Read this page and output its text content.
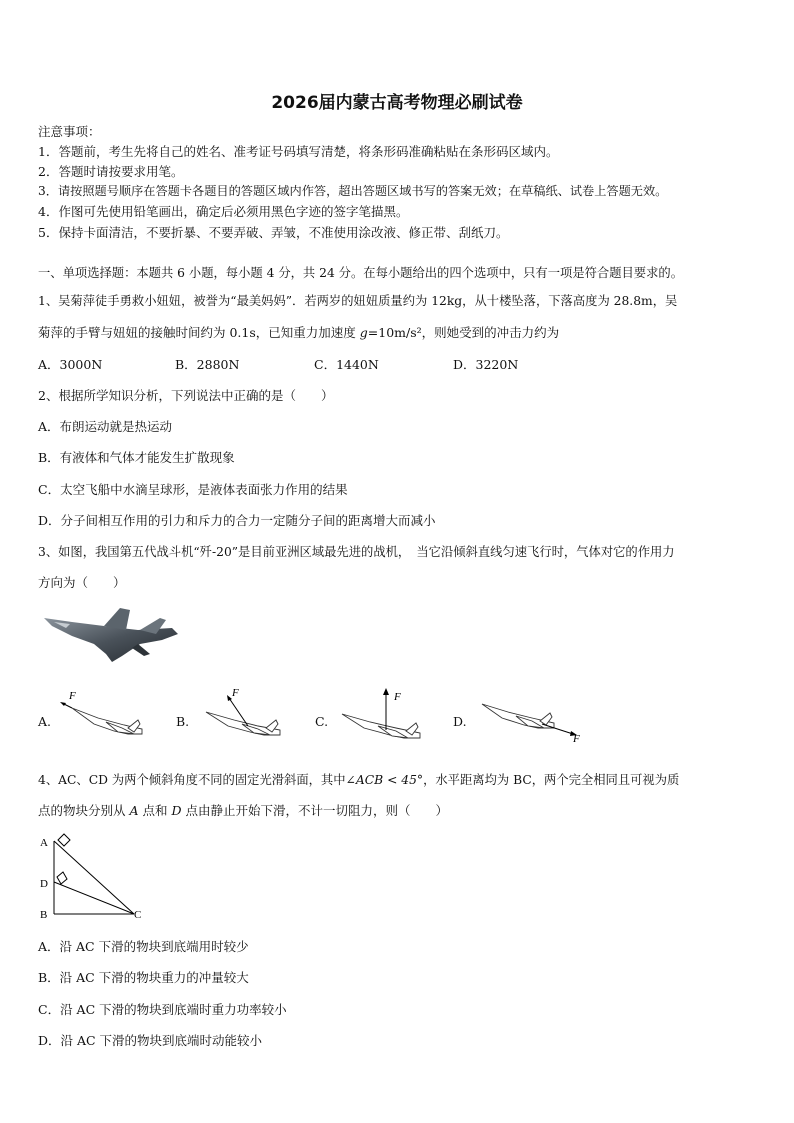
2026届内蒙古高考物理必刷试卷
注意事项：
1．答题前，考生先将自己的姓名、准考证号码填写清楚，将条形码准确粘贴在条形码区域内。
2．答题时请按要求用笔。
3．请按照题号顺序在答题卡各题目的答题区域内作答，超出答题区域书写的答案无效；在草稿纸、试卷上答题无效。
4．作图可先使用铅笔画出，确定后必须用黑色字迹的签字笔描黑。
5．保持卡面清洁，不要折暴、不要弄破、弄皱，不准使用涂改液、修正带、刮纸刀。
一、单项选择题：本题共 6 小题，每小题 4 分，共 24 分。在每小题给出的四个选项中，只有一项是符合题目要求的。
1、吴菊萍徒手勇救小妞妞，被誉为“最美妈妈”．若两岁的妞妞质量约为 12kg，从十楼坠落，下落高度为 28.8m，吴
菊萍的手臂与妞妞的接触时间约为 0.1s，已知重力加速度 g=10m/s²，则她受到的冲击力约为
A．3000N	B．2880N	C．1440N	D．3220N
2、根据所学知识分析，下列说法中正确的是（　　）
A．布朗运动就是热运动
B．有液体和气体才能发生扩散现象
C．太空飞船中水滴呈球形，是液体表面张力作用的结果
D．分子间相互作用的引力和斥力的合力一定随分子间的距离增大而减小
3、如图，我国第五代战斗机“歼-20”是目前亚洲区域最先进的战机，　当它沿倾斜直线匀速飞行时，气体对它的作用力
方向为（　　）
A.
F
B.
F
C.
F
D.
F
4、AC、CD 为两个倾斜角度不同的固定光滑斜面，其中∠ACB < 45°，水平距离均为 BC，两个完全相同且可视为质
点的物块分别从 A 点和 D 点由静止开始下滑，不计一切阻力，则（　　）
A
D
B	C
A．沿 AC 下滑的物块到底端用时较少
B．沿 AC 下滑的物块重力的冲量较大
C．沿 AC 下滑的物块到底端时重力功率较小
D．沿 AC 下滑的物块到底端时动能较小
